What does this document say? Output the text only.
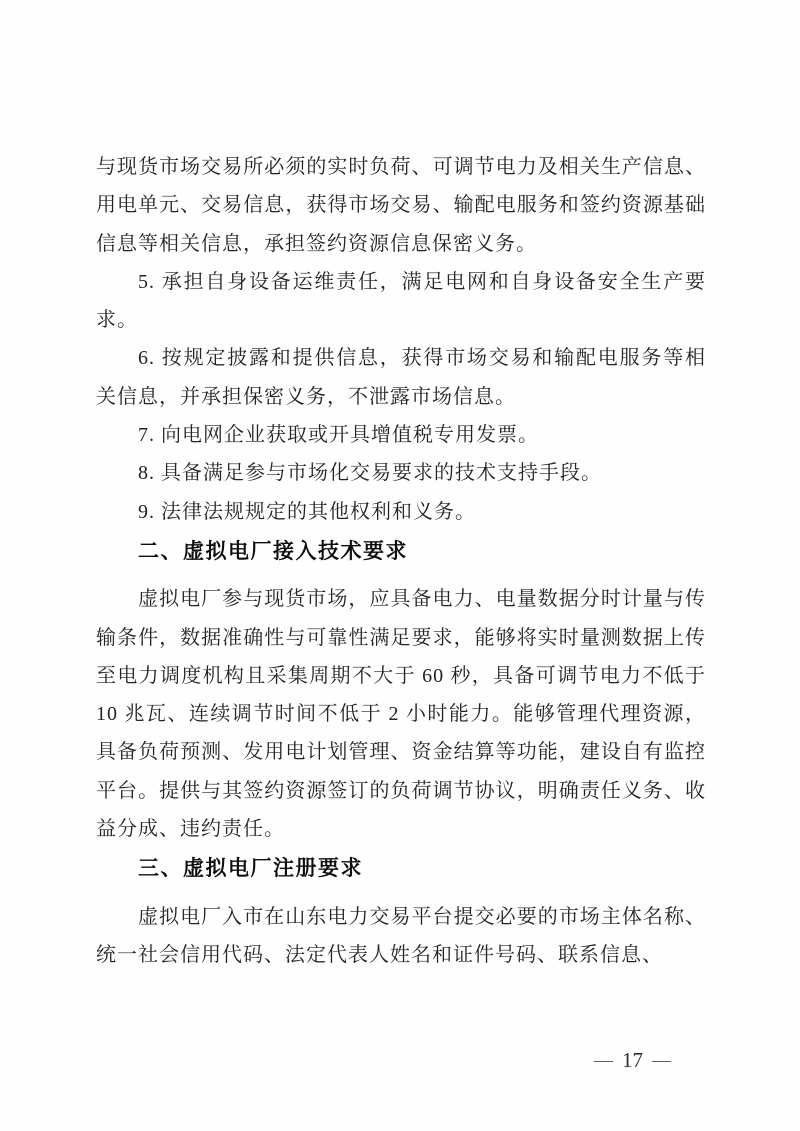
与现货市场交易所必须的实时负荷、可调节电力及相关生产信息、用电单元、交易信息，获得市场交易、输配电服务和签约资源基础信息等相关信息，承担签约资源信息保密义务。

5. 承担自身设备运维责任，满足电网和自身设备安全生产要求。

6. 按规定披露和提供信息，获得市场交易和输配电服务等相关信息，并承担保密义务，不泄露市场信息。

7. 向电网企业获取或开具增值税专用发票。

8. 具备满足参与市场化交易要求的技术支持手段。

9. 法律法规规定的其他权利和义务。

二、虚拟电厂接入技术要求

虚拟电厂参与现货市场，应具备电力、电量数据分时计量与传输条件，数据准确性与可靠性满足要求，能够将实时量测数据上传至电力调度机构且采集周期不大于 60 秒，具备可调节电力不低于 10 兆瓦、连续调节时间不低于 2 小时能力。能够管理代理资源，具备负荷预测、发用电计划管理、资金结算等功能，建设自有监控平台。提供与其签约资源签订的负荷调节协议，明确责任义务、收益分成、违约责任。

三、虚拟电厂注册要求

虚拟电厂入市在山东电力交易平台提交必要的市场主体名称、统一社会信用代码、法定代表人姓名和证件号码、联系信息、

— 17 —
